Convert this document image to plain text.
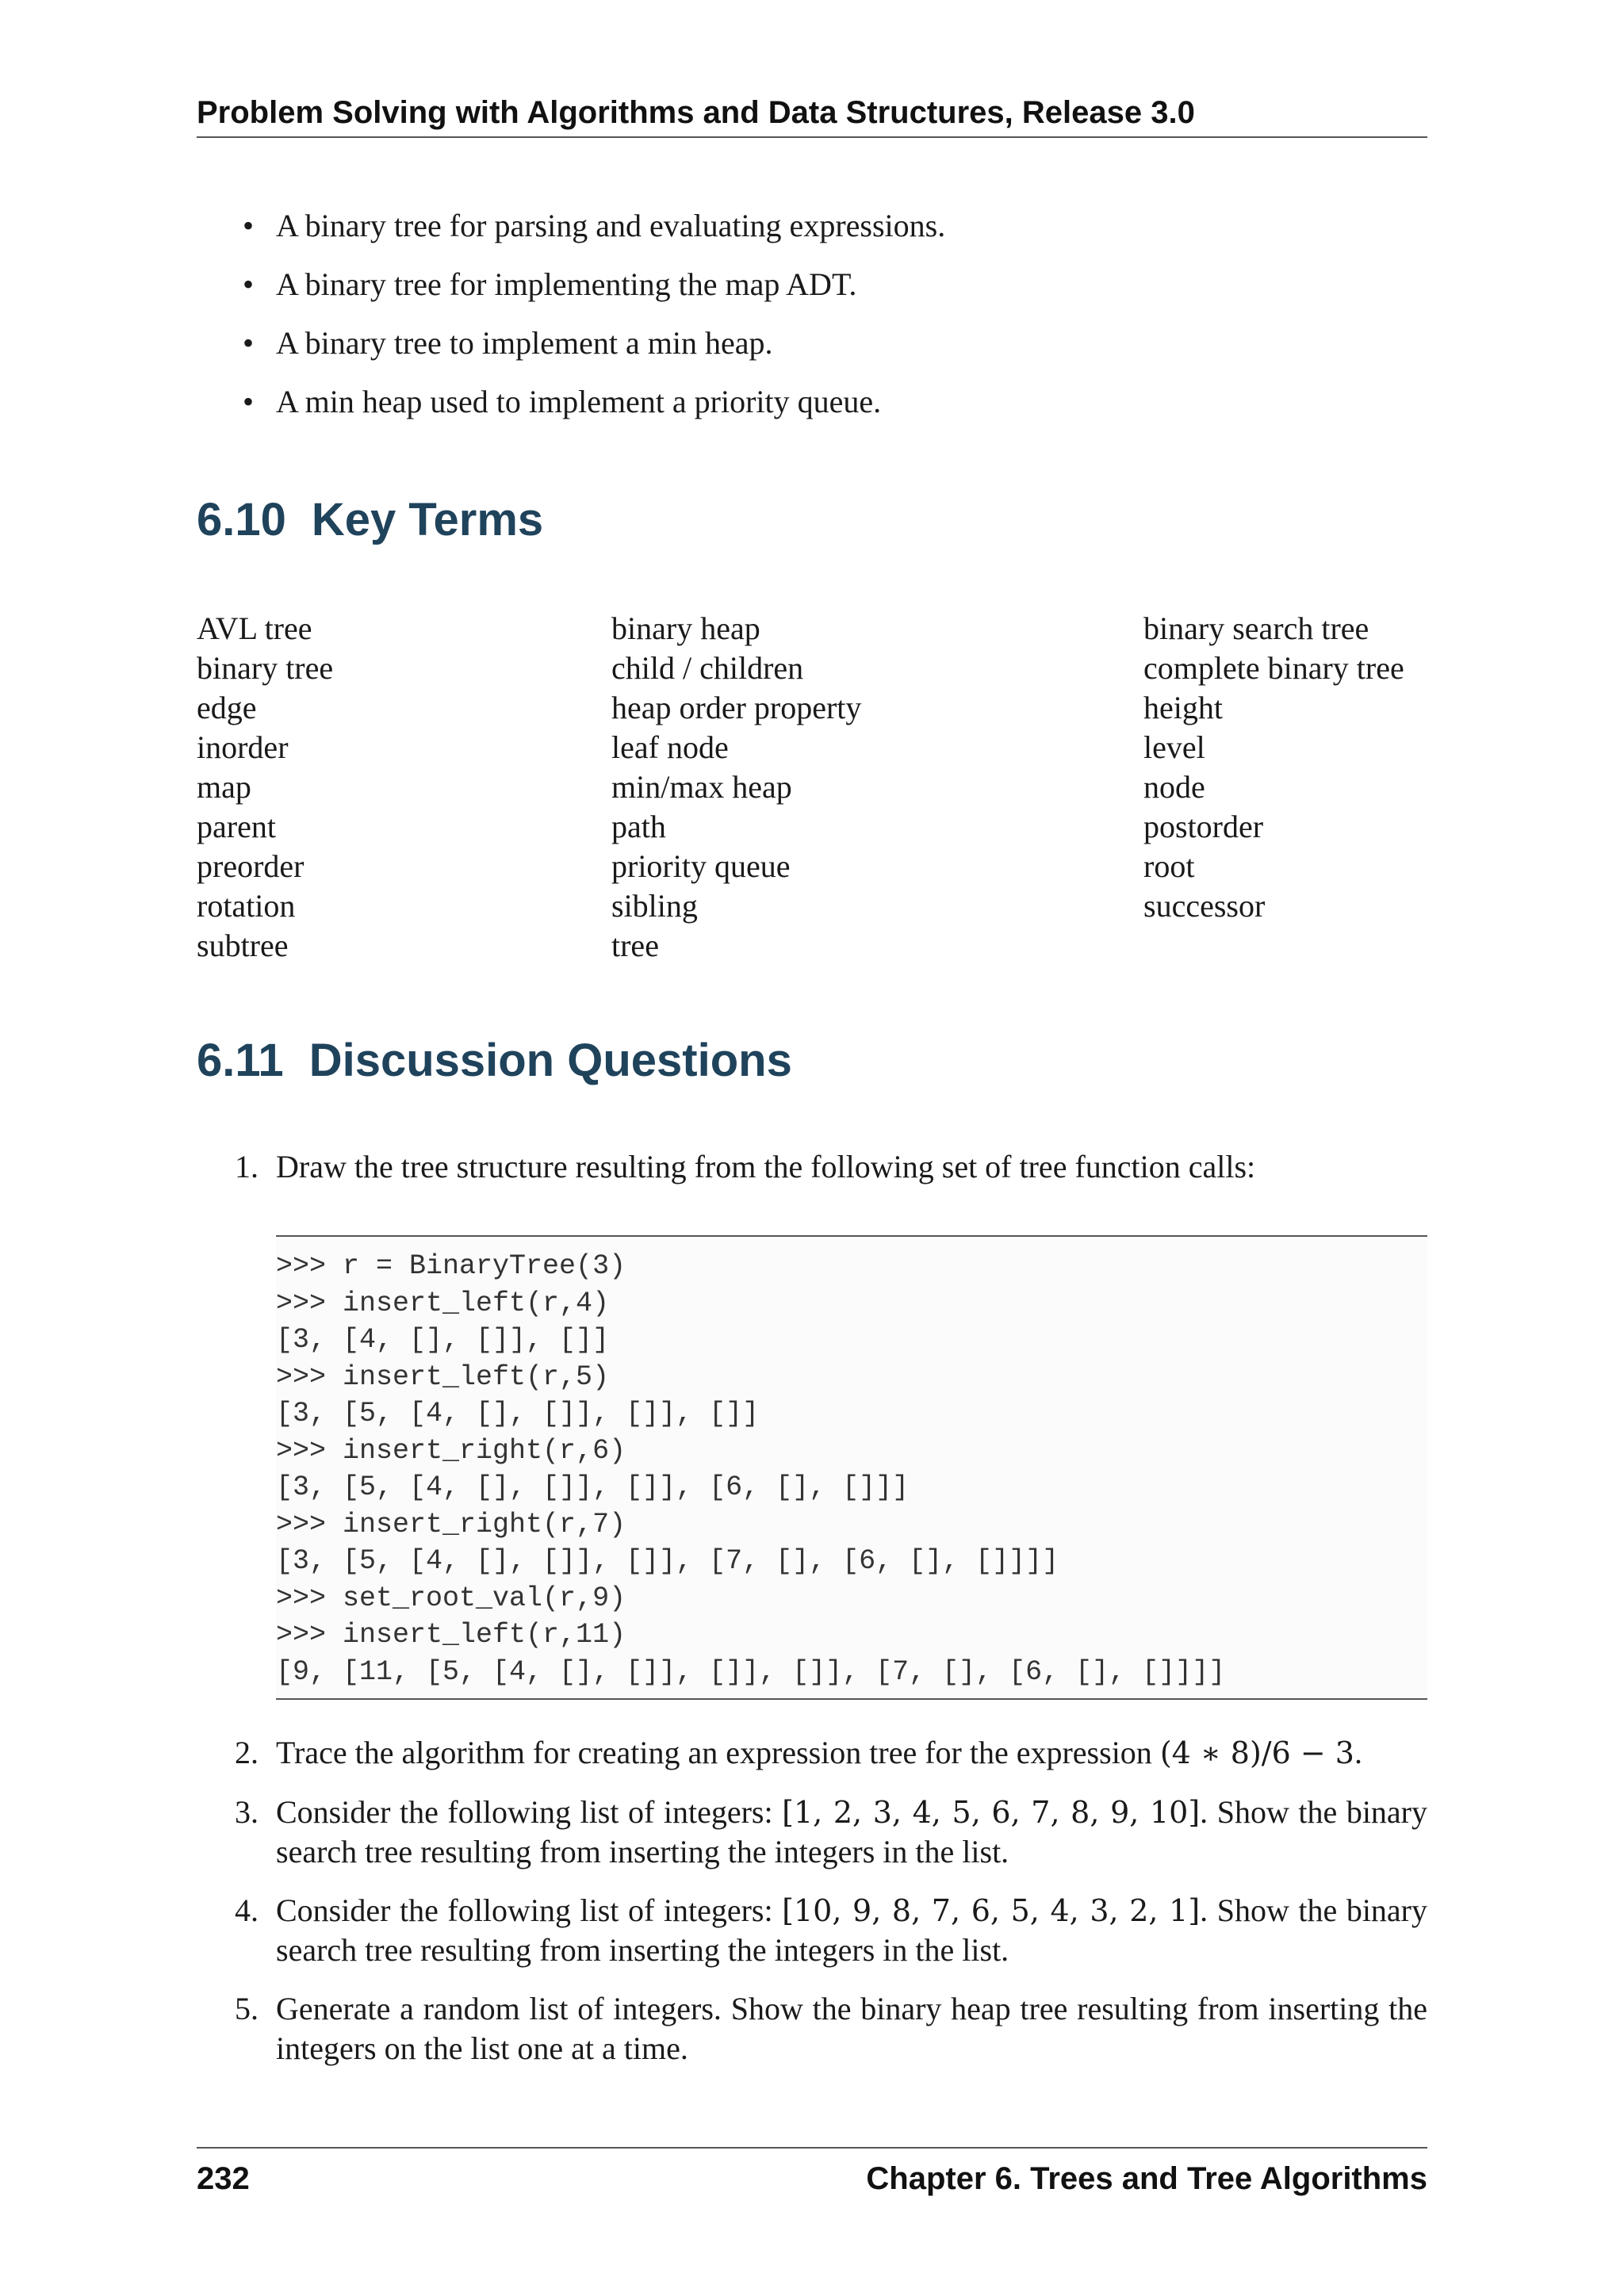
Problem Solving with Algorithms and Data Structures, Release 3.0
• A binary tree for parsing and evaluating expressions.
• A binary tree for implementing the map ADT.
• A binary tree to implement a min heap.
• A min heap used to implement a priority queue.
6.10 Key Terms
AVL tree	binary heap	binary search tree
binary tree	child / children	complete binary tree
edge	heap order property	height
inorder	leaf node	level
map	min/max heap	node
parent	path	postorder
preorder	priority queue	root
rotation	sibling	successor
subtree	tree
6.11 Discussion Questions
1. Draw the tree structure resulting from the following set of tree function calls:
>>> r = BinaryTree(3)
>>> insert_left(r,4)
[3, [4, [], []], []]
>>> insert_left(r,5)
[3, [5, [4, [], []], []], []]
>>> insert_right(r,6)
[3, [5, [4, [], []], []], [6, [], []]]
>>> insert_right(r,7)
[3, [5, [4, [], []], []], [7, [], [6, [], []]]]
>>> set_root_val(r,9)
>>> insert_left(r,11)
[9, [11, [5, [4, [], []], []], []], [7, [], [6, [], []]]]
2. Trace the algorithm for creating an expression tree for the expression (4 ∗ 8)/6 − 3.
3. Consider the following list of integers: [1, 2, 3, 4, 5, 6, 7, 8, 9, 10]. Show the binary search tree resulting from inserting the integers in the list.
4. Consider the following list of integers: [10, 9, 8, 7, 6, 5, 4, 3, 2, 1]. Show the binary search tree resulting from inserting the integers in the list.
5. Generate a random list of integers. Show the binary heap tree resulting from inserting the integers on the list one at a time.
232	Chapter 6. Trees and Tree Algorithms
